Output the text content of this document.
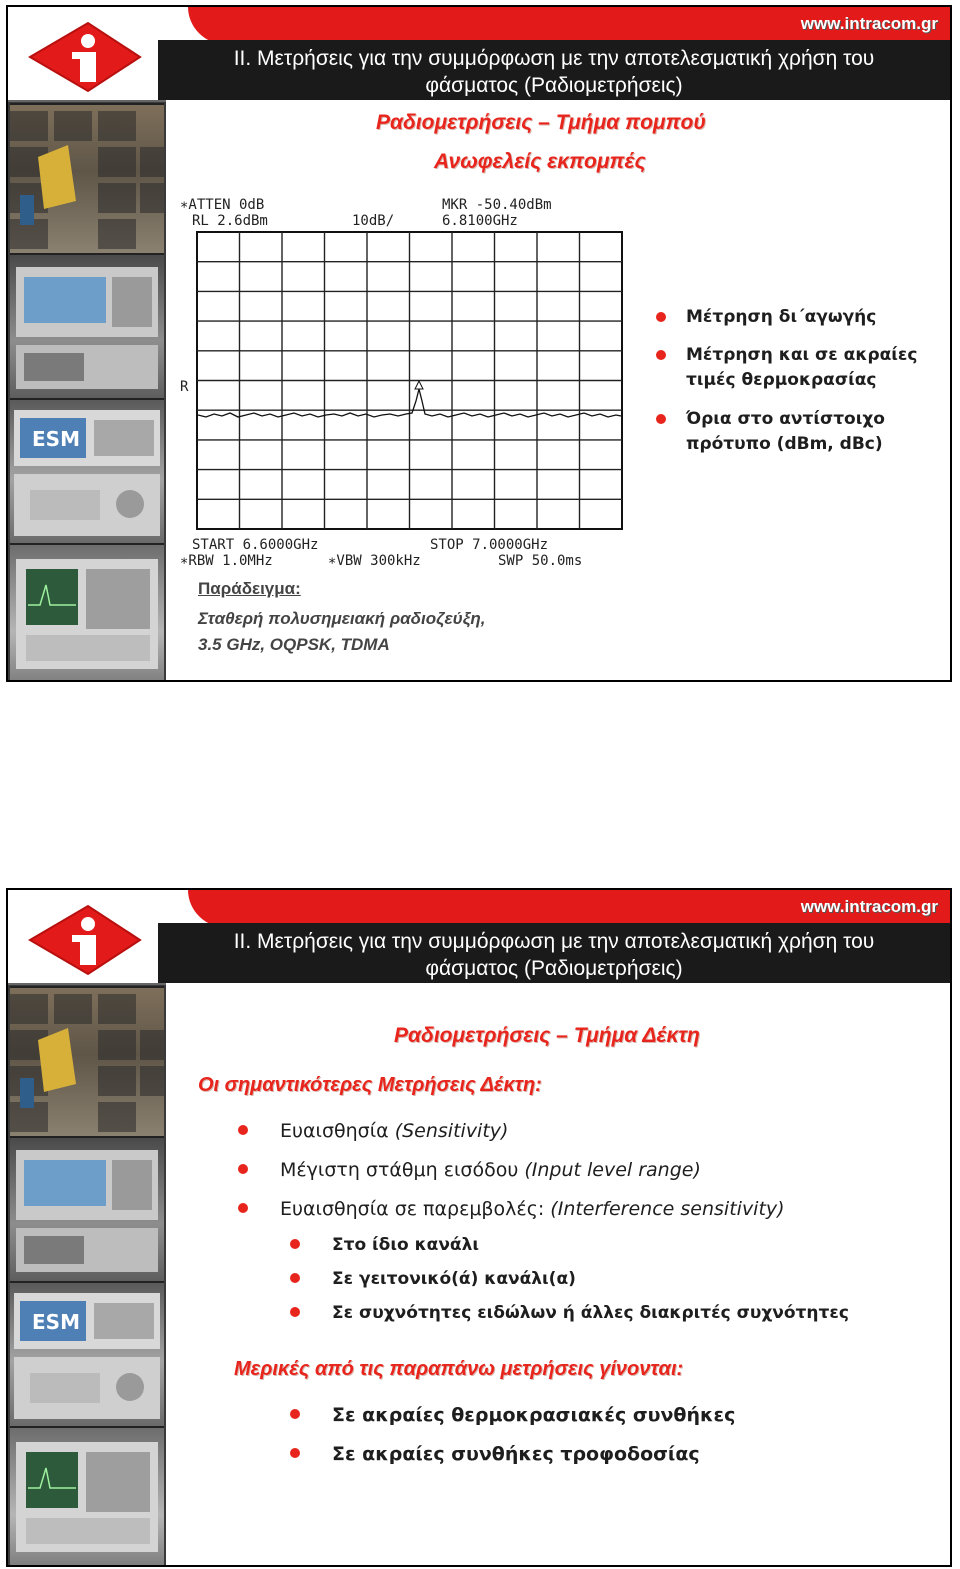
ESM
www.intracom.gr
II. Μετρήσεις για την συμμόρφωση με την αποτελεσματική χρήση του
φάσματος (Ραδιομετρήσεις)
Ραδιομετρήσεις – Τμήμα πομπού
Ανωφελείς εκπομπές
∗ATTEN 0dB
RL 2.6dBm	10dB/
MKR -50.40dBm
6.8100GHz
R
START 6.6000GHz	STOP 7.0000GHz
∗RBW 1.0MHz	∗VBW 300kHz	SWP 50.0ms
Μέτρηση δι΄αγωγής
Μέτρηση και σε ακραίες
τιμές θερμοκρασίας
Όρια στο αντίστοιχο
πρότυπο (dBm, dBc)
Παράδειγμα:
Σταθερή πολυσημειακή ραδιοζεύξη,
3.5 GHz, OQPSK, TDMA
ESM
www.intracom.gr
II. Μετρήσεις για την συμμόρφωση με την αποτελεσματική χρήση του
φάσματος (Ραδιομετρήσεις)
Ραδιομετρήσεις – Τμήμα Δέκτη
Οι σημαντικότερες Μετρήσεις Δέκτη:
Ευαισθησία (Sensitivity)
Μέγιστη στάθμη εισόδου (Input level range)
Ευαισθησία σε παρεμβολές: (Interference sensitivity)
Στο ίδιο κανάλι
Σε γειτονικό(ά) κανάλι(α)
Σε συχνότητες ειδώλων ή άλλες διακριτές συχνότητες
Μερικές από τις παραπάνω μετρήσεις γίνονται:
Σε ακραίες θερμοκρασιακές συνθήκες
Σε ακραίες συνθήκες τροφοδοσίας
